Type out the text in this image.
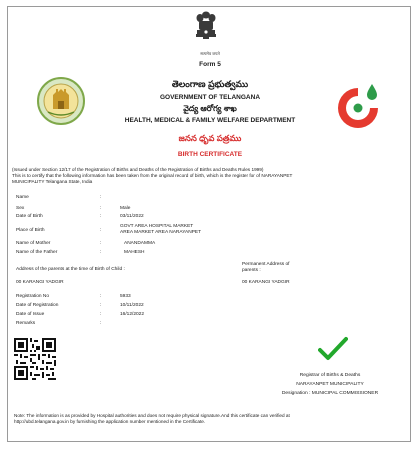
सत्यमेव जयते
Form 5
తెలంగాణ ప్రభుత్వము
GOVERNMENT OF TELANGANA
వైద్య ఆరోగ్య శాఖ
HEALTH, MEDICAL & FAMILY WELFARE DEPARTMENT
జనన ధృవ పత్రము
BIRTH CERTIFICATE
(Issued under Section 12/17 of the Registration of Births and Deaths of the Registration of Births and Deaths Rules 1999)
This is to certify that the following information has been taken from the original record of birth, which is the register for of NARAYANPET
MUNICIPALITY Telangana State, India
Name	:
Sex	:	Male
Date of Birth	:	03/11/2022
Place of Birth	:
GOVT AREA HOSPITAL MARKET
AREA MARKET AREA NARAYANPET
Name of Mother	:	ANANDAMMA
Name of the Father	:	MAHESH
Address of the parents at the time of Birth of Child :
00 KARANGI YADGIR
Permanent Address of
parents :
00 KARANGI YADGIR
Registration No	:	5933
Date of Registration	:	10/11/2022
Date of Issue	:	16/12/2022
Remarks	:
Registrar of Births & Deaths
NARAYANPET MUNICIPALITY
Designation : MUNICIPAL COMMISSIONER
Note: The information is as provided by Hospital authorities and does not require physical signature.And this certificate can verified at
http://ubd.telangana.gov.in by furnishing the application number mentioned in the Certificate.
